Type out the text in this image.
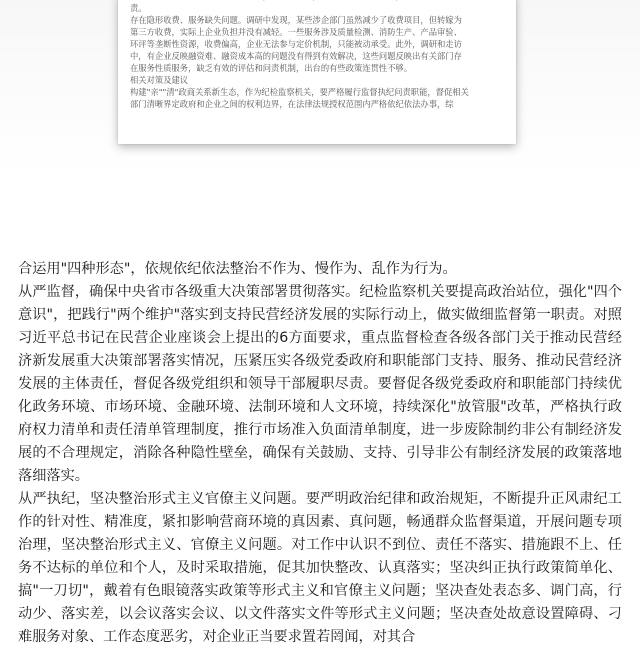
责。

存在隐形收费、服务缺失问题。调研中发现，某些涉企部门虽然减少了收费项目，但转嫁为

第三方收费，实际上企业负担并没有减轻。一些服务涉及质量检测、消防生产、产品审验、

环评等垄断性资源，收费偏高，企业无法参与定价机制，只能被动承受。此外，调研和走访

中，有企业反映融资难、融资成本高的问题没有得到有效解决，这些问题反映出有关部门存

在服务性质服务，缺乏有效的评估和问责机制，出台的有些政策连贯性不够。

相关对策及建议

构建"亲""清"政商关系新生态，作为纪检监察机关，要严格履行监督执纪问责职能，督促相关

部门清晰界定政府和企业之间的权利边界，在法律法规授权范围内严格依纪依法办事，综

合运用"四种形态"，依规依纪依法整治不作为、慢作为、乱作为行为。

从严监督，确保中央省市各级重大决策部署贯彻落实。纪检监察机关要提高政治站位，强化"四个意识"，把践行"两个维护"落实到支持民营经济发展的实际行动上，做实做细监督第一职责。对照习近平总书记在民营企业座谈会上提出的6方面要求，重点监督检查各级各部门关于推动民营经济新发展重大决策部署落实情况，压紧压实各级党委政府和职能部门支持、服务、推动民营经济发展的主体责任，督促各级党组织和领导干部履职尽责。要督促各级党委政府和职能部门持续优化政务环境、市场环境、金融环境、法制环境和人文环境，持续深化"放管服"改革，严格执行政府权力清单和责任清单管理制度，推行市场准入负面清单制度，进一步废除制约非公有制经济发展的不合理规定，消除各种隐性壁垒，确保有关鼓励、支持、引导非公有制经济发展的政策落地落细落实。

从严执纪，坚决整治形式主义官僚主义问题。要严明政治纪律和政治规矩，不断提升正风肃纪工作的针对性、精准度，紧扣影响营商环境的真因素、真问题，畅通群众监督渠道，开展问题专项治理，坚决整治形式主义、官僚主义问题。对工作中认识不到位、责任不落实、措施跟不上、任务不达标的单位和个人，及时采取措施，促其加快整改、认真落实；坚决纠正执行政策简单化、搞"一刀切"，戴着有色眼镜落实政策等形式主义和官僚主义问题；坚决查处表态多、调门高，行动少、落实差，以会议落实会议、以文件落实文件等形式主义问题；坚决查处故意设置障碍、刁难服务对象、工作态度恶劣，对企业正当要求置若罔闻，对其合
